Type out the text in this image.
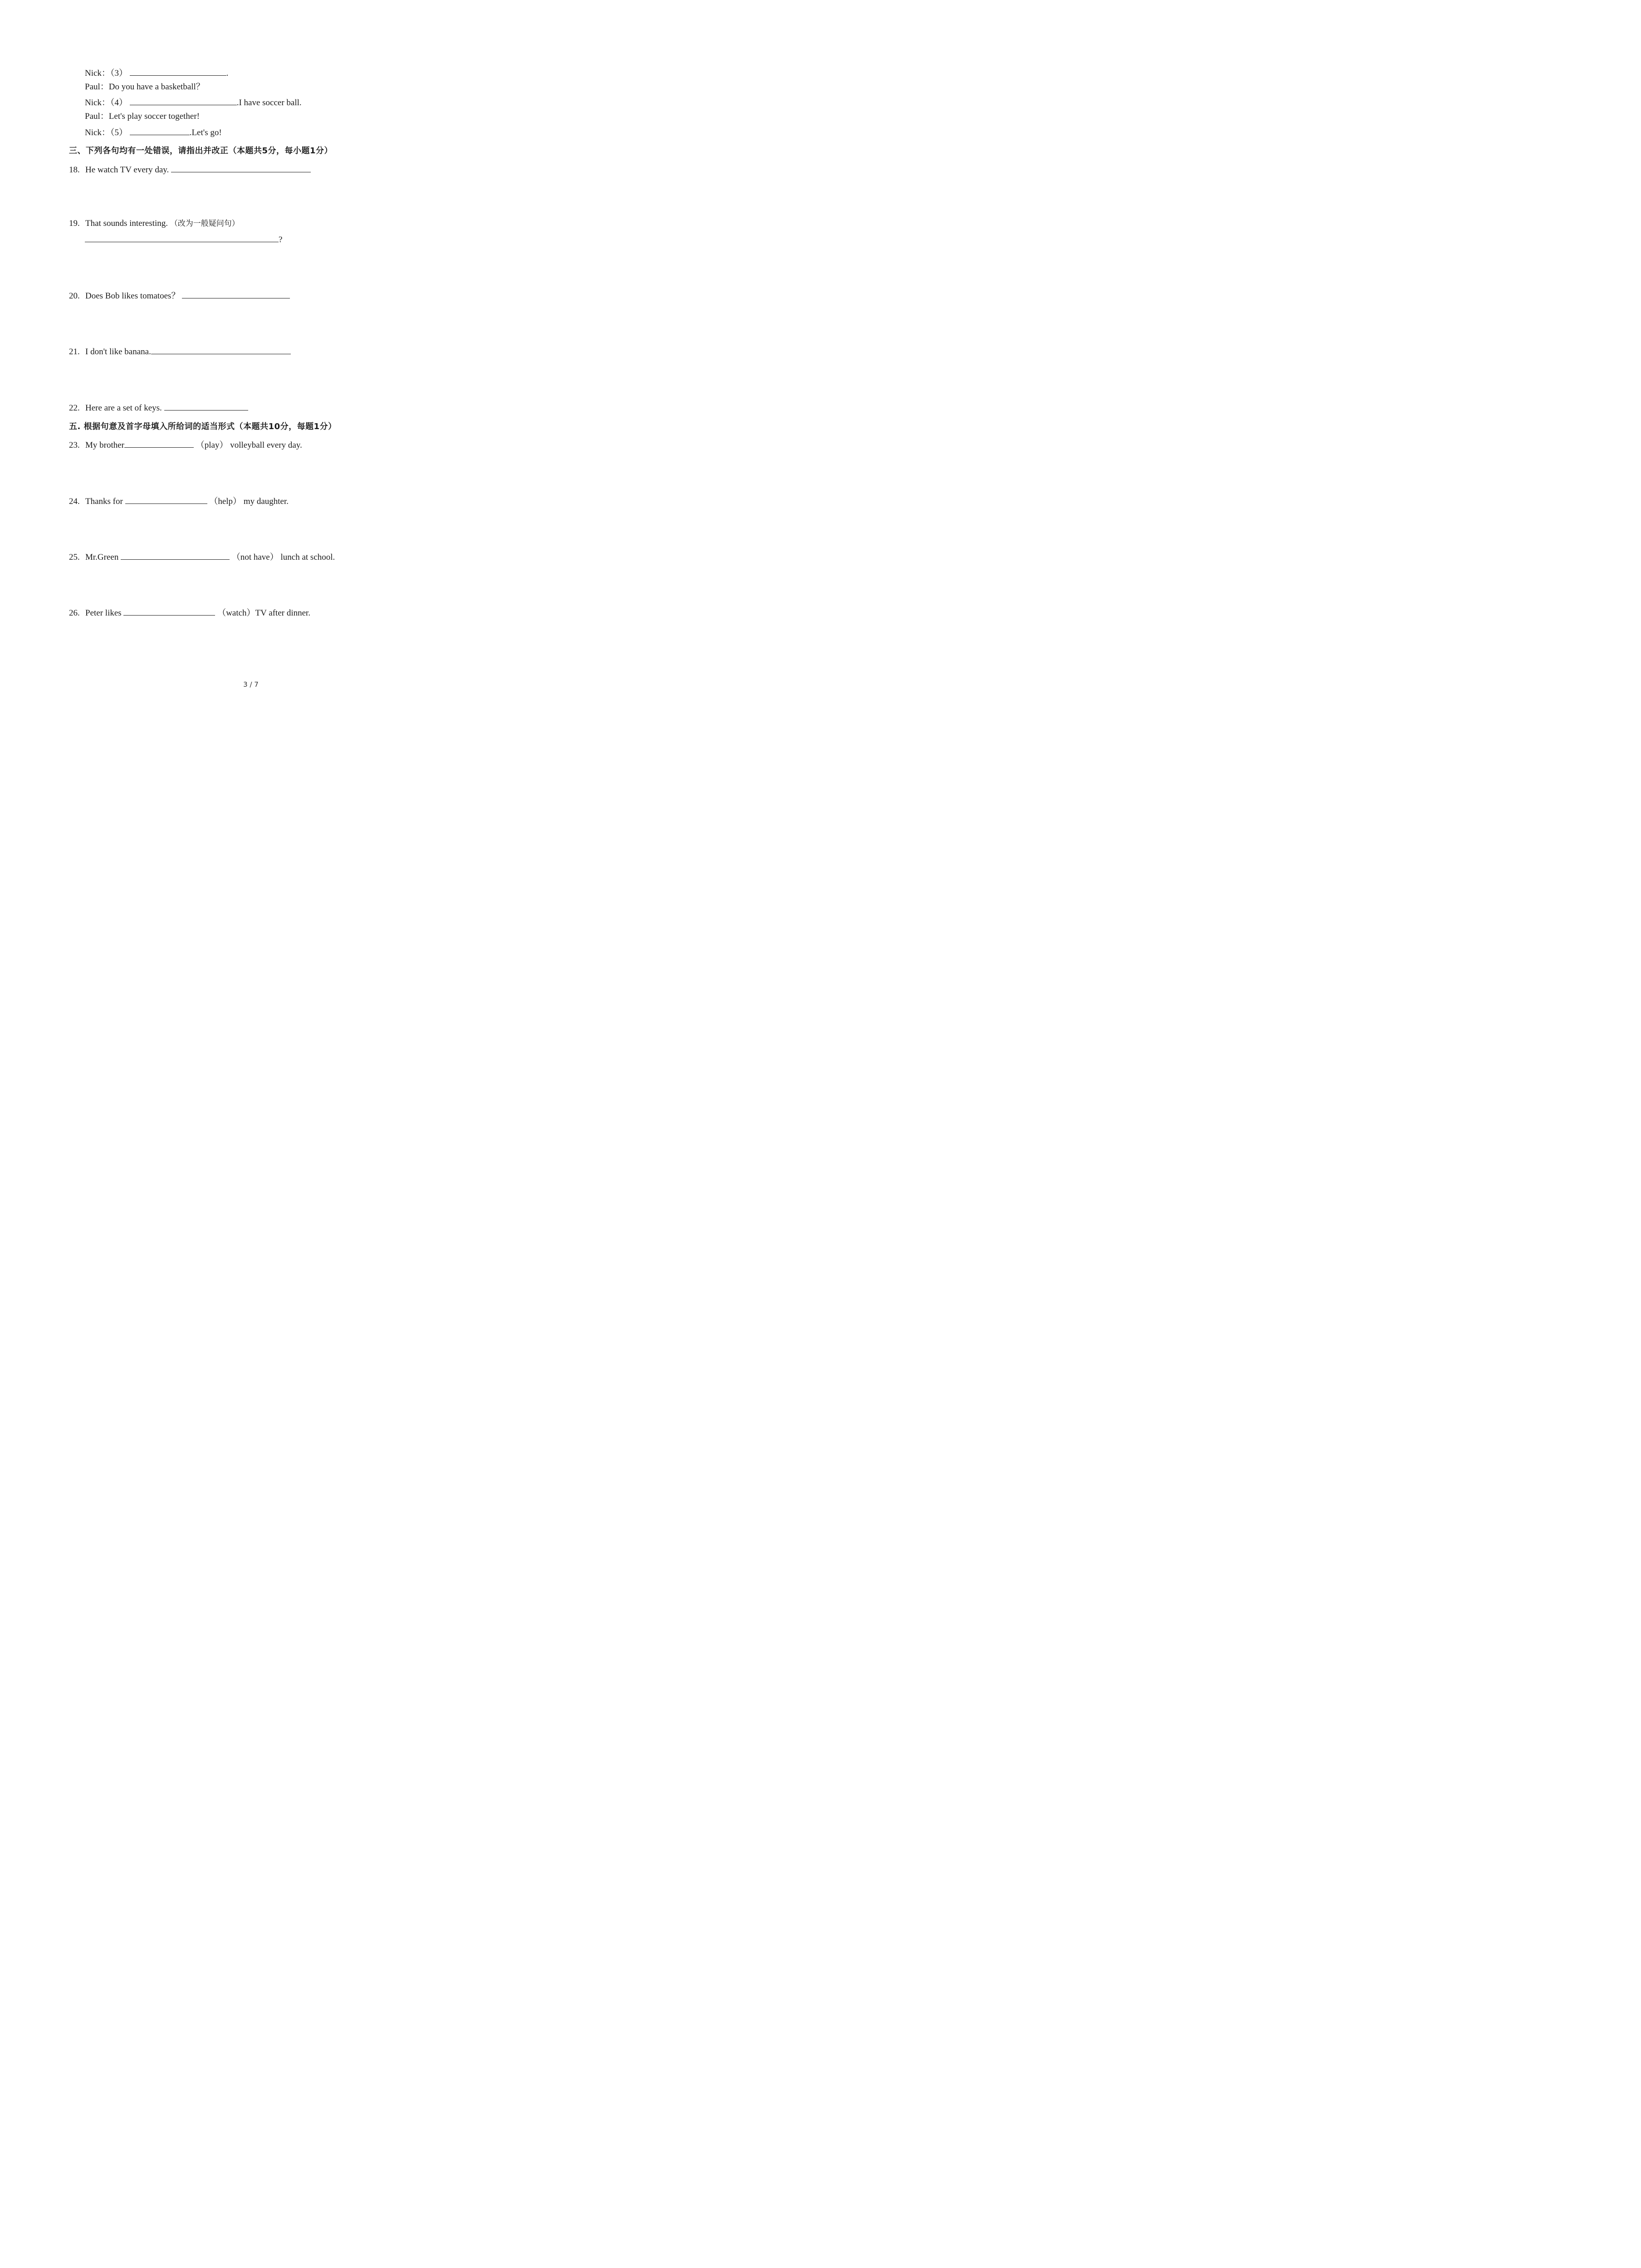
Nick：（3）	.
Paul：Do you have a basketball？
Nick：（4）	.I have soccer ball.
Paul：Let's play soccer together!
Nick：（5）	.Let's go!
三、下列各句均有一处错误，请指出并改正（本题共5分，每小题1分）
18. He watch TV every day.
19. That sounds interesting. （改为一般疑问句）
?
20. Does Bob likes tomatoes？
21. I don't like banana.
22. Here are a set of keys.
五. 根据句意及首字母填入所给词的适当形式（本题共10分，每题1分）
23. My brother	（play） volleyball every day.
24. Thanks for	（help） my daughter.
25. Mr.Green	（not have） lunch at school.
26. Peter likes	（watch）TV after dinner.
3 / 7
